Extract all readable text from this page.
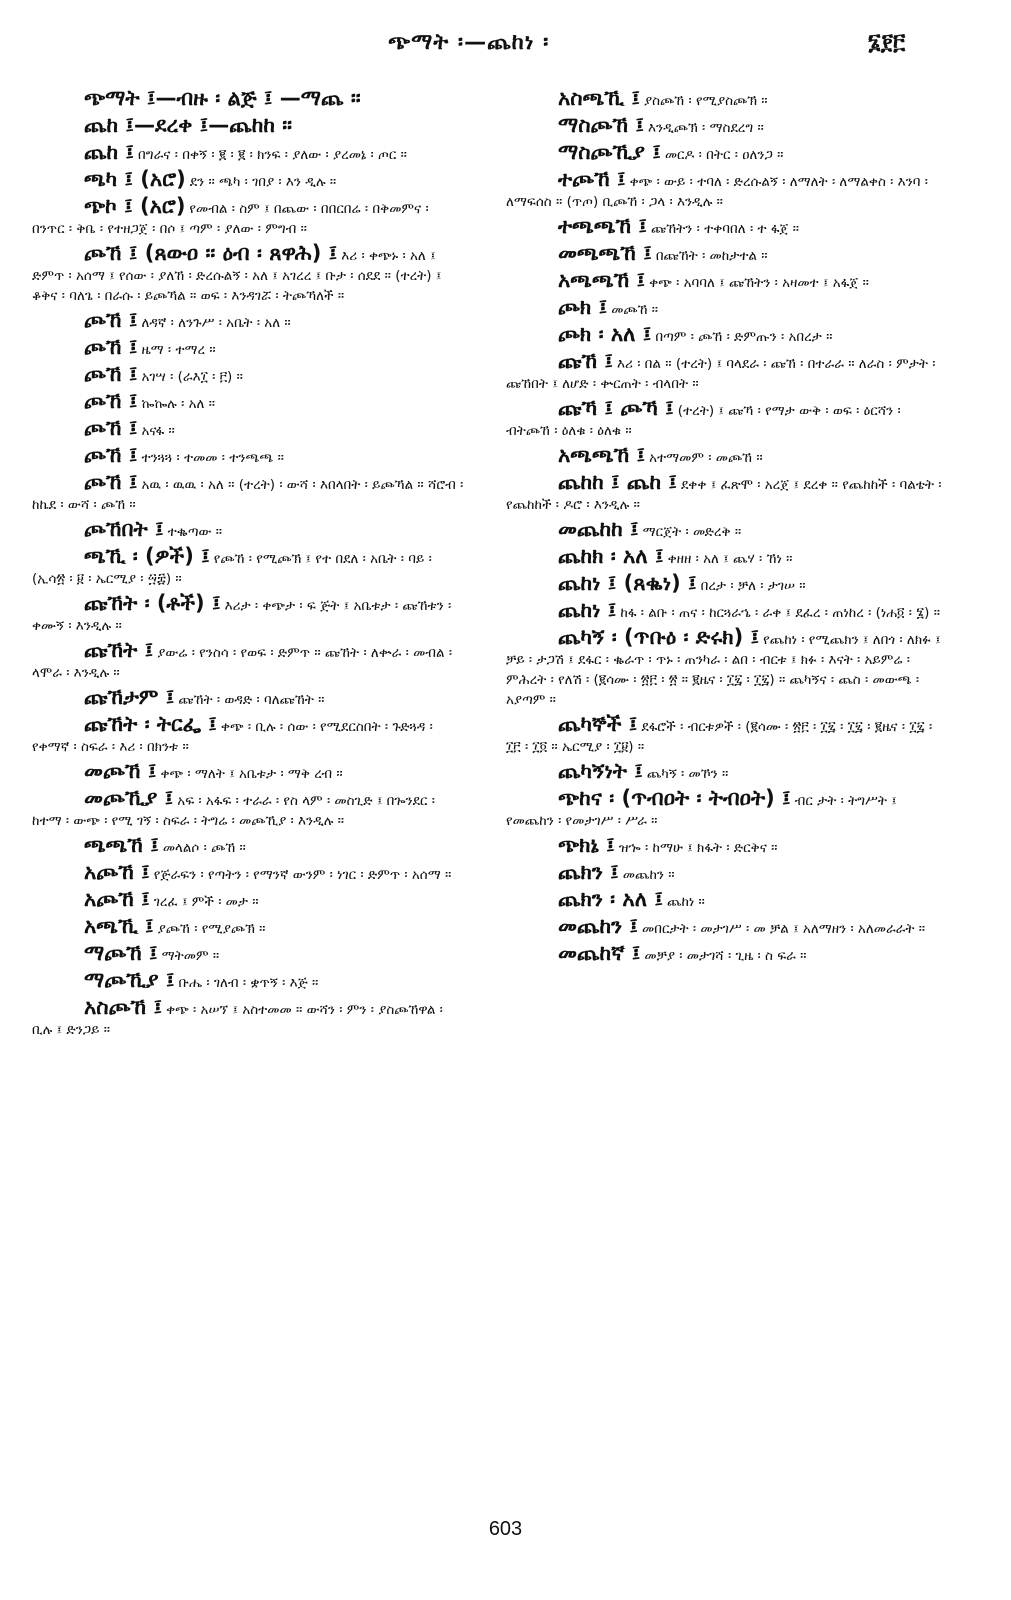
ጭማት ፡—ጨከነ ፡	፮፻፫

ጭማት ፤—ብዙ ፡ ልጅ ፤ —ማጨ ።

ጨከ ፤—ደረቀ ፤—ጨከከ ።

ጨከ ፤ በግራና ፡ በቀኝ ፡ ፪ ፡ ፪ ፡ ክንፍ ፡ ያለው ፡ ያረመኔ ፡ ጦር ።

ጫካ ፤ (አሮ) ደን ። ጫካ ፡ ገበያ ፡ እን ዲሉ ።

ጭኮ ፤ (አሮ) የመብል ፡ ስም ፤ በጨው ፡ በበርበሬ ፡ በቅመምና ፡ በንጥር ፡ ቅቤ ፡ የተዘጋጀ ፡ በሶ ፤ ጣም ፡ ያለው ፡ ምግብ ።

ጮኸ ፤ (ጸውዐ ። ዕብ ፡ ጸዋሕ) ፤ እሪ ፡ ቀጭኑ ፡ አለ ፤ ድምጥ ፡ አሰማ ፤ የሰው ፡ ያለኸ ፡ ድረሱልኝ ፡ አለ ፤ አገረረ ፤ ቡታ ፡ ሰደደ ። (ተረት) ፤ ቆቅና ፡ ባለጌ ፡ በራሱ ፡ ይጮኻል ። ወፍ ፡ እንዳገሯ ፡ ትጮኻለች ።

ጮኸ ፤ ለዳኛ ፡ ለንጉሥ ፡ አቤት ፡ አለ ።

ጮኸ ፤ ዜማ ፡ ተማረ ።

ጮኸ ፤ አገሣ ፡ (ራእ፲ ፡ ፫) ።

ጮኸ ፤ ኰኰሉ ፡ አለ ።

ጮኸ ፤ አናፋ ።

ጮኸ ፤ ተንጓጓ ፡ ተመመ ፡ ተንጫጫ ።

ጮኸ ፤ አዉ ፡ ዉዉ ፡ አለ ። (ተረት) ፡ ውሻ ፡ እበላበት ፡ ይጮኻል ። ሻሮብ ፡ ከኬደ ፡ ውሻ ፡ ጮኸ ።

ጮኸበት ፤ ተቈጣው ።

ጫኺ ፡ (ዎች) ፤ የጮኸ ፡ የሚጮኽ ፤ የተ በደለ ፡ አቤት ፡ ባይ ፡ (ኢሳ፳ ፡ ፱ ፡ ኤርሚያ ፡ ፵፰) ።

ጩኸት ፡ (ቶች) ፤ እሪታ ፡ ቀጭታ ፡ ፍ ጅት ፤ አቤቱታ ፡ ጩኸቱን ፡ ቀሙኝ ፡ እንዲሉ ።

ጩኸት ፤ ያውሬ ፡ የንስሳ ፡ የወፍ ፡ ድምጥ ። ጩኸት ፡ ለቍራ ፡ መብል ፡ ላሞራ ፡ እንዲሉ ።

ጩኸታም ፤ ጩኸት ፡ ወዳድ ፡ ባለጩኸት ።

ጩኸት ፡ ትርፌ ፤ ቀጭ ፡ ቢሉ ፡ ሰው ፡ የሚደርስበት ፡ ጉድጓዳ ፡ የቀማኛ ፡ ስፍራ ፡ እሪ ፡ በክንቱ ።

መጮኸ ፤ ቀጭ ፡ ማለት ፤ አቤቱታ ፡ ማቅ ረብ ።

መጮኺያ ፤ አፍ ፡ አፋፍ ፡ ተራራ ፡ የስ ላም ፡ መስጊድ ፤ በጐንደር ፡ ከተማ ፡ ውጭ ፡ የሚ ገኝ ፡ ስፍራ ፡ ትግሬ ፡ መጮኺያ ፡ እንዲሉ ።

ጫጫኸ ፤ መላልሶ ፡ ጮኸ ።

አጮኸ ፤ የጅራፍን ፡ የጣትን ፡ የማንኛ ውንም ፡ ነገር ፡ ድምጥ ፡ አሰማ ።

አጮኸ ፤ ገረፈ ፤ ምች ፡ መታ ።

አጫኺ ፤ ያጮኸ ፡ የሚያጮኽ ።

ማጮኸ ፤ ማትመም ።

ማጮኺያ ፤ ቡሔ ፡ ገለብ ፡ ቋጥኝ ፡ እጅ ።

አስጮኸ ፤ ቀጭ ፡ አሠኘ ፤ አስተመመ ። ውሻን ፡ ምን ፡ ያስጮኸዋል ፡ ቢሉ ፤ ድንጋይ ።

አስጫኺ ፤ ያስጮኸ ፡ የሚያስጮኽ ።

ማስጮኸ ፤ እንዲጮኽ ፡ ማስደረግ ።

ማስጮኺያ ፤ መርዶ ፡ በትር ፡ ዐለንጋ ።

ተጮኸ ፤ ቀጭ ፡ ውይ ፡ ተባለ ፡ ድረሱልኝ ፡ ለማለት ፡ ለማልቀስ ፡ እንባ ፡ ለማፍሰስ ። (ጥጦ) ቢጮኸ ፡ ጋላ ፡ እንዲሉ ።

ተጫጫኸ ፤ ጩኸትን ፡ ተቀባበለ ፡ ተ ፋጀ ።

መጫጫኸ ፤ በጩኸት ፡ መከታተል ።

አጫጫኸ ፤ ቀጭ ፡ አባባለ ፤ ጩኸትን ፡ አዛመተ ፤ አፋጀ ።

ጮክ ፤ መጮኸ ።

ጮክ ፡ አለ ፤ በጣም ፡ ጮኸ ፡ ድምጡን ፡ አበረታ ።

ጩኸ ፤ እሪ ፡ በል ። (ተረት) ፤ ባላደራ ፡ ጩኸ ፡ በተራራ ። ለራስ ፡ ምታት ፡ ጩኸበት ፤ ለሆድ ፡ ቍርጠት ፡ ብላበት ።

ጩኻ ፤ ጮኻ ፤ (ተረት) ፤ ጩኻ ፡ የማታ ውቅ ፡ ወፍ ፡ ዕርሻን ፡ ብትጮኸ ፡ ዕለቁ ፡ ዕለቁ ።

አጫጫኸ ፤ አተማመም ፡ መጮኸ ።

ጨከከ ፤ ጨከ ፤ ደቀቀ ፤ ፈጽሞ ፡ አረጀ ፤ ደረቀ ። የጨከከች ፡ ባልቴት ፡ የጨከከች ፡ ዶሮ ፡ እንዲሉ ።

መጨከከ ፤ ማርጀት ፡ መድረቅ ።

ጨከክ ፡ አለ ፤ ቀዘዘ ፡ አለ ፤ ጨሃ ፡ ኸነ ።

ጨከነ ፤ (ጸቈነ) ፤ በረታ ፡ ቻለ ፡ ታገሠ ።

ጨከነ ፤ ከፋ ፡ ልቡ ፡ ጠና ፡ ከርጓራኄ ፡ ራቀ ፤ ደፈረ ፡ ጠነከረ ፡ (ነሐ፬ ፡ ፮) ።

ጨካኝ ፡ (ጥቡዕ ፡ ድሩክ) ፤ የጨከነ ፡ የሚጨክን ፤ ለበጎ ፡ ለክፉ ፤ ቻይ ፡ ታጋሽ ፤ ደፋር ፡ ቈራጥ ፡ ጥኑ ፡ ጠንካራ ፡ ልበ ፡ ብርቱ ፤ ክፉ ፡ እናት ፡ አይምሬ ፡ ምሕረት ፡ የለሽ ፡ (፪ሳሙ ፡ ፳፫ ፡ ፳ ። ፪ዜና ፡ ፲፯ ፡ ፲፯) ። ጨካኝና ፡ ጨስ ፡ መውጫ ፡ አያጣም ።

ጨካኞች ፤ ደፋሮች ፡ ብርቱዎች ፡ (፪ሳሙ ፡ ፳፫ ፡ ፲፯ ፡ ፲፯ ፡ ፪ዜና ፡ ፲፯ ፡ ፲፫ ፡ ፲፬ ። ኤርሚያ ፡ ፲፱) ።

ጨካኝነት ፤ ጨካኝ ፡ መኾን ።

ጭከና ፡ (ጥብዐት ፡ ትብዐት) ፤ ብር ታት ፡ ትግሥት ፤ የመጨከን ፡ የመታገሥ ፡ ሥራ ።

ጭክኔ ፤ ዝኈ ፡ ከማሁ ፤ ክፋት ፡ ድርቅና ።

ጨክን ፤ መጨከን ።

ጨክን ፡ አለ ፤ ጨከነ ።

መጨከን ፤ መበርታት ፡ መታገሥ ፡ መ ቻል ፤ አለማዘን ፡ አለመራራት ።

መጨከኛ ፤ መቻያ ፡ መታገሻ ፡ ጊዜ ፡ ስ ፍራ ።

603
